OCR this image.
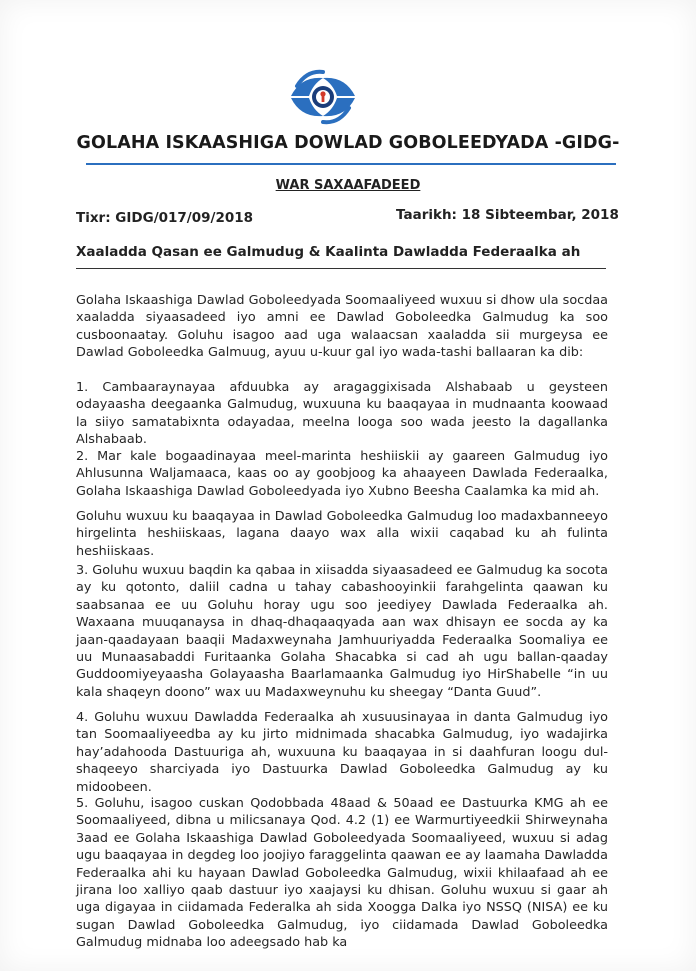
GOLAHA ISKAASHIGA DOWLAD GOBOLEEDYADA -GIDG-
WAR SAXAAFADEED
Tixr: GIDG/017/09/2018	Taarikh: 18 Sibteembar, 2018
Xaaladda Qasan ee Galmudug & Kaalinta Dawladda Federaalka ah
Golaha Iskaashiga Dawlad Goboleedyada Soomaaliyeed wuxuu si dhow ula socdaa xaaladda siyaasadeed iyo amni ee Dawlad Goboleedka Galmudug ka soo cusboonaatay. Goluhu isagoo aad uga walaacsan xaaladda sii murgeysa ee Dawlad Goboleedka Galmuug, ayuu u-kuur gal iyo wada-tashi ballaaran ka dib:
1. Cambaaraynayaa afduubka ay aragaggixisada Alshabaab u geysteen odayaasha deegaanka Galmudug, wuxuuna ku baaqayaa in mudnaanta koowaad la siiyo samatabixnta odayadaa, meelna looga soo wada jeesto la dagallanka Alshabaab.
2. Mar kale bogaadinayaa meel-marinta heshiiskii ay gaareen Galmudug iyo Ahlusunna Waljamaaca, kaas oo ay goobjoog ka ahaayeen Dawlada Federaalka, Golaha Iskaashiga Dawlad Goboleedyada iyo Xubno Beesha Caalamka ka mid ah.
Goluhu wuxuu ku baaqayaa in Dawlad Goboleedka Galmudug loo madaxbanneeyo hirgelinta heshiiskaas, lagana daayo wax alla wixii caqabad ku ah fulinta heshiiskaas.
3. Goluhu wuxuu baqdin ka qabaa in xiisadda siyaasadeed ee Galmudug ka socota ay ku qotonto, daliil cadna u tahay cabashooyinkii farahgelinta qaawan ku saabsanaa ee uu Goluhu horay ugu soo jeediyey Dawlada Federaalka ah. Waxaana muuqanaysa in dhaq-dhaqaaqyada aan wax dhisayn ee socda ay ka jaan-qaadayaan baaqii Madaxweynaha Jamhuuriyadda Federaalka Soomaliya ee uu Munaasabaddi Furitaanka Golaha Shacabka si cad ah ugu ballan-qaaday Guddoomiyeyaasha Golayaasha Baarlamaanka Galmudug iyo HirShabelle “in uu kala shaqeyn doono” wax uu Madaxweynuhu ku sheegay “Danta Guud”.
4. Goluhu wuxuu Dawladda Federaalka ah xusuusinayaa in danta Galmudug iyo tan Soomaaliyeedba ay ku jirto midnimada shacabka Galmudug, iyo wadajirka hay’adahooda Dastuuriga ah, wuxuuna ku baaqayaa in si daahfuran loogu dul-shaqeeyo sharciyada iyo Dastuurka Dawlad Goboleedka Galmudug ay ku midoobeen.
5. Goluhu, isagoo cuskan Qodobbada 48aad & 50aad ee Dastuurka KMG ah ee Soomaaliyeed, dibna u milicsanaya Qod. 4.2 (1) ee Warmurtiyeedkii Shirweynaha 3aad ee Golaha Iskaashiga Dawlad Goboleedyada Soomaaliyeed, wuxuu si adag ugu baaqayaa in degdeg loo joojiyo faraggelinta qaawan ee ay laamaha Dawladda Federaalka ahi ku hayaan Dawlad Goboleedka Galmudug, wixii khilaafaad ah ee jirana loo xalliyo qaab dastuur iyo xaajaysi ku dhisan. Goluhu wuxuu si gaar ah uga digayaa in ciidamada Federalka ah sida Xoogga Dalka iyo NSSQ (NISA) ee ku sugan Dawlad Goboleedka Galmudug, iyo ciidamada Dawlad Goboleedka Galmudug midnaba loo adeegsado hab ka
